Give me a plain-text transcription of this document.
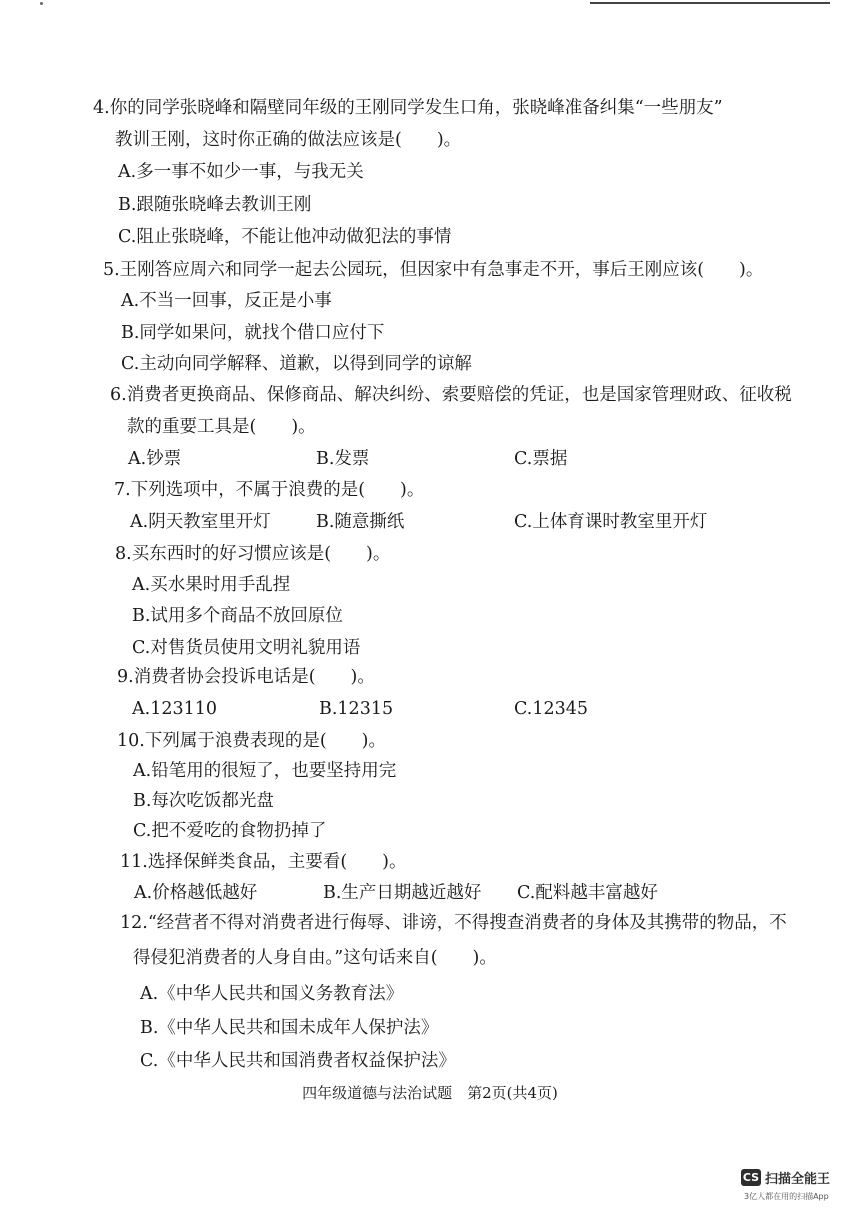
4.你的同学张晓峰和隔壁同年级的王刚同学发生口角，张晓峰准备纠集“一些朋友”
教训王刚，这时你正确的做法应该是(　　)。
A.多一事不如少一事，与我无关
B.跟随张晓峰去教训王刚
C.阻止张晓峰，不能让他冲动做犯法的事情
5.王刚答应周六和同学一起去公园玩，但因家中有急事走不开，事后王刚应该(　　)。
A.不当一回事，反正是小事
B.同学如果问，就找个借口应付下
C.主动向同学解释、道歉，以得到同学的谅解
6.消费者更换商品、保修商品、解决纠纷、索要赔偿的凭证，也是国家管理财政、征收税
款的重要工具是(　　)。
A.钞票	B.发票	C.票据
7.下列选项中，不属于浪费的是(　　)。
A.阴天教室里开灯	B.随意撕纸	C.上体育课时教室里开灯
8.买东西时的好习惯应该是(　　)。
A.买水果时用手乱捏
B.试用多个商品不放回原位
C.对售货员使用文明礼貌用语
9.消费者协会投诉电话是(　　)。
A.123110	B.12315	C.12345
10.下列属于浪费表现的是(　　)。
A.铅笔用的很短了，也要坚持用完
B.每次吃饭都光盘
C.把不爱吃的食物扔掉了
11.选择保鲜类食品，主要看(　　)。
A.价格越低越好	B.生产日期越近越好 C.配料越丰富越好
12.“经营者不得对消费者进行侮辱、诽谤，不得搜查消费者的身体及其携带的物品，不
得侵犯消费者的人身自由。”这句话来自(　　)。
A.《中华人民共和国义务教育法》
B.《中华人民共和国未成年人保护法》
C.《中华人民共和国消费者权益保护法》
四年级道德与法治试题　第2页(共4页)
CS 扫描全能王
3亿人都在用的扫描App
